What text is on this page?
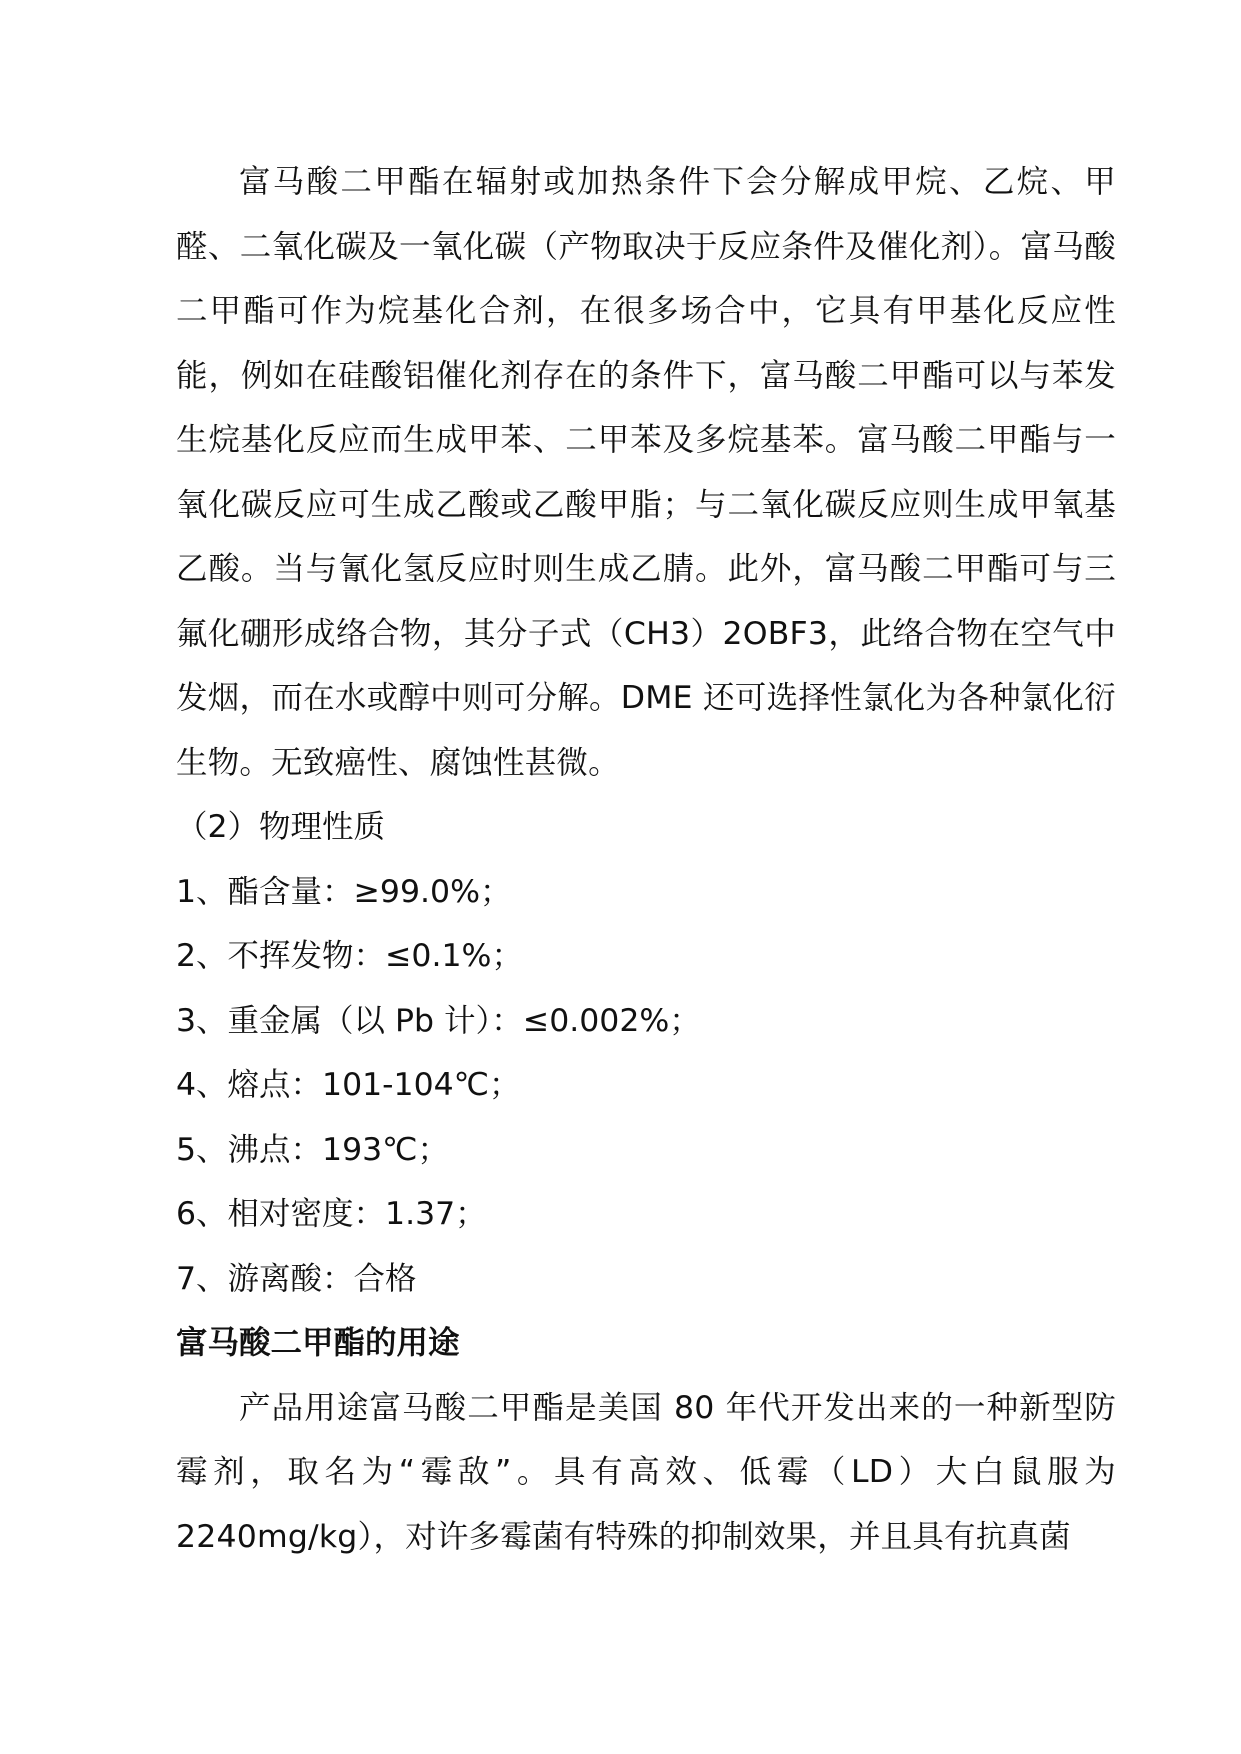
富马酸二甲酯在辐射或加热条件下会分解成甲烷、乙烷、甲醛、二氧化碳及一氧化碳（产物取决于反应条件及催化剂）。富马酸二甲酯可作为烷基化合剂，在很多场合中，它具有甲基化反应性能，例如在硅酸铝催化剂存在的条件下，富马酸二甲酯可以与苯发生烷基化反应而生成甲苯、二甲苯及多烷基苯。富马酸二甲酯与一氧化碳反应可生成乙酸或乙酸甲脂；与二氧化碳反应则生成甲氧基乙酸。当与氰化氢反应时则生成乙腈。此外，富马酸二甲酯可与三氟化硼形成络合物，其分子式（CH3）2OBF3，此络合物在空气中发烟，而在水或醇中则可分解。DME 还可选择性氯化为各种氯化衍生物。无致癌性、腐蚀性甚微。

（2）物理性质

1、酯含量：≥99.0%；
2、不挥发物：≤0.1%；
3、重金属（以 Pb 计）：≤0.002%；
4、熔点：101-104℃；
5、沸点：193℃；
6、相对密度：1.37；
7、游离酸：合格
富马酸二甲酯的用途

产品用途富马酸二甲酯是美国 80 年代开发出来的一种新型防霉剂，取名为“霉敌”。具有高效、低霉（LD）大白鼠服为 2240mg/kg），对许多霉菌有特殊的抑制效果，并且具有抗真菌
